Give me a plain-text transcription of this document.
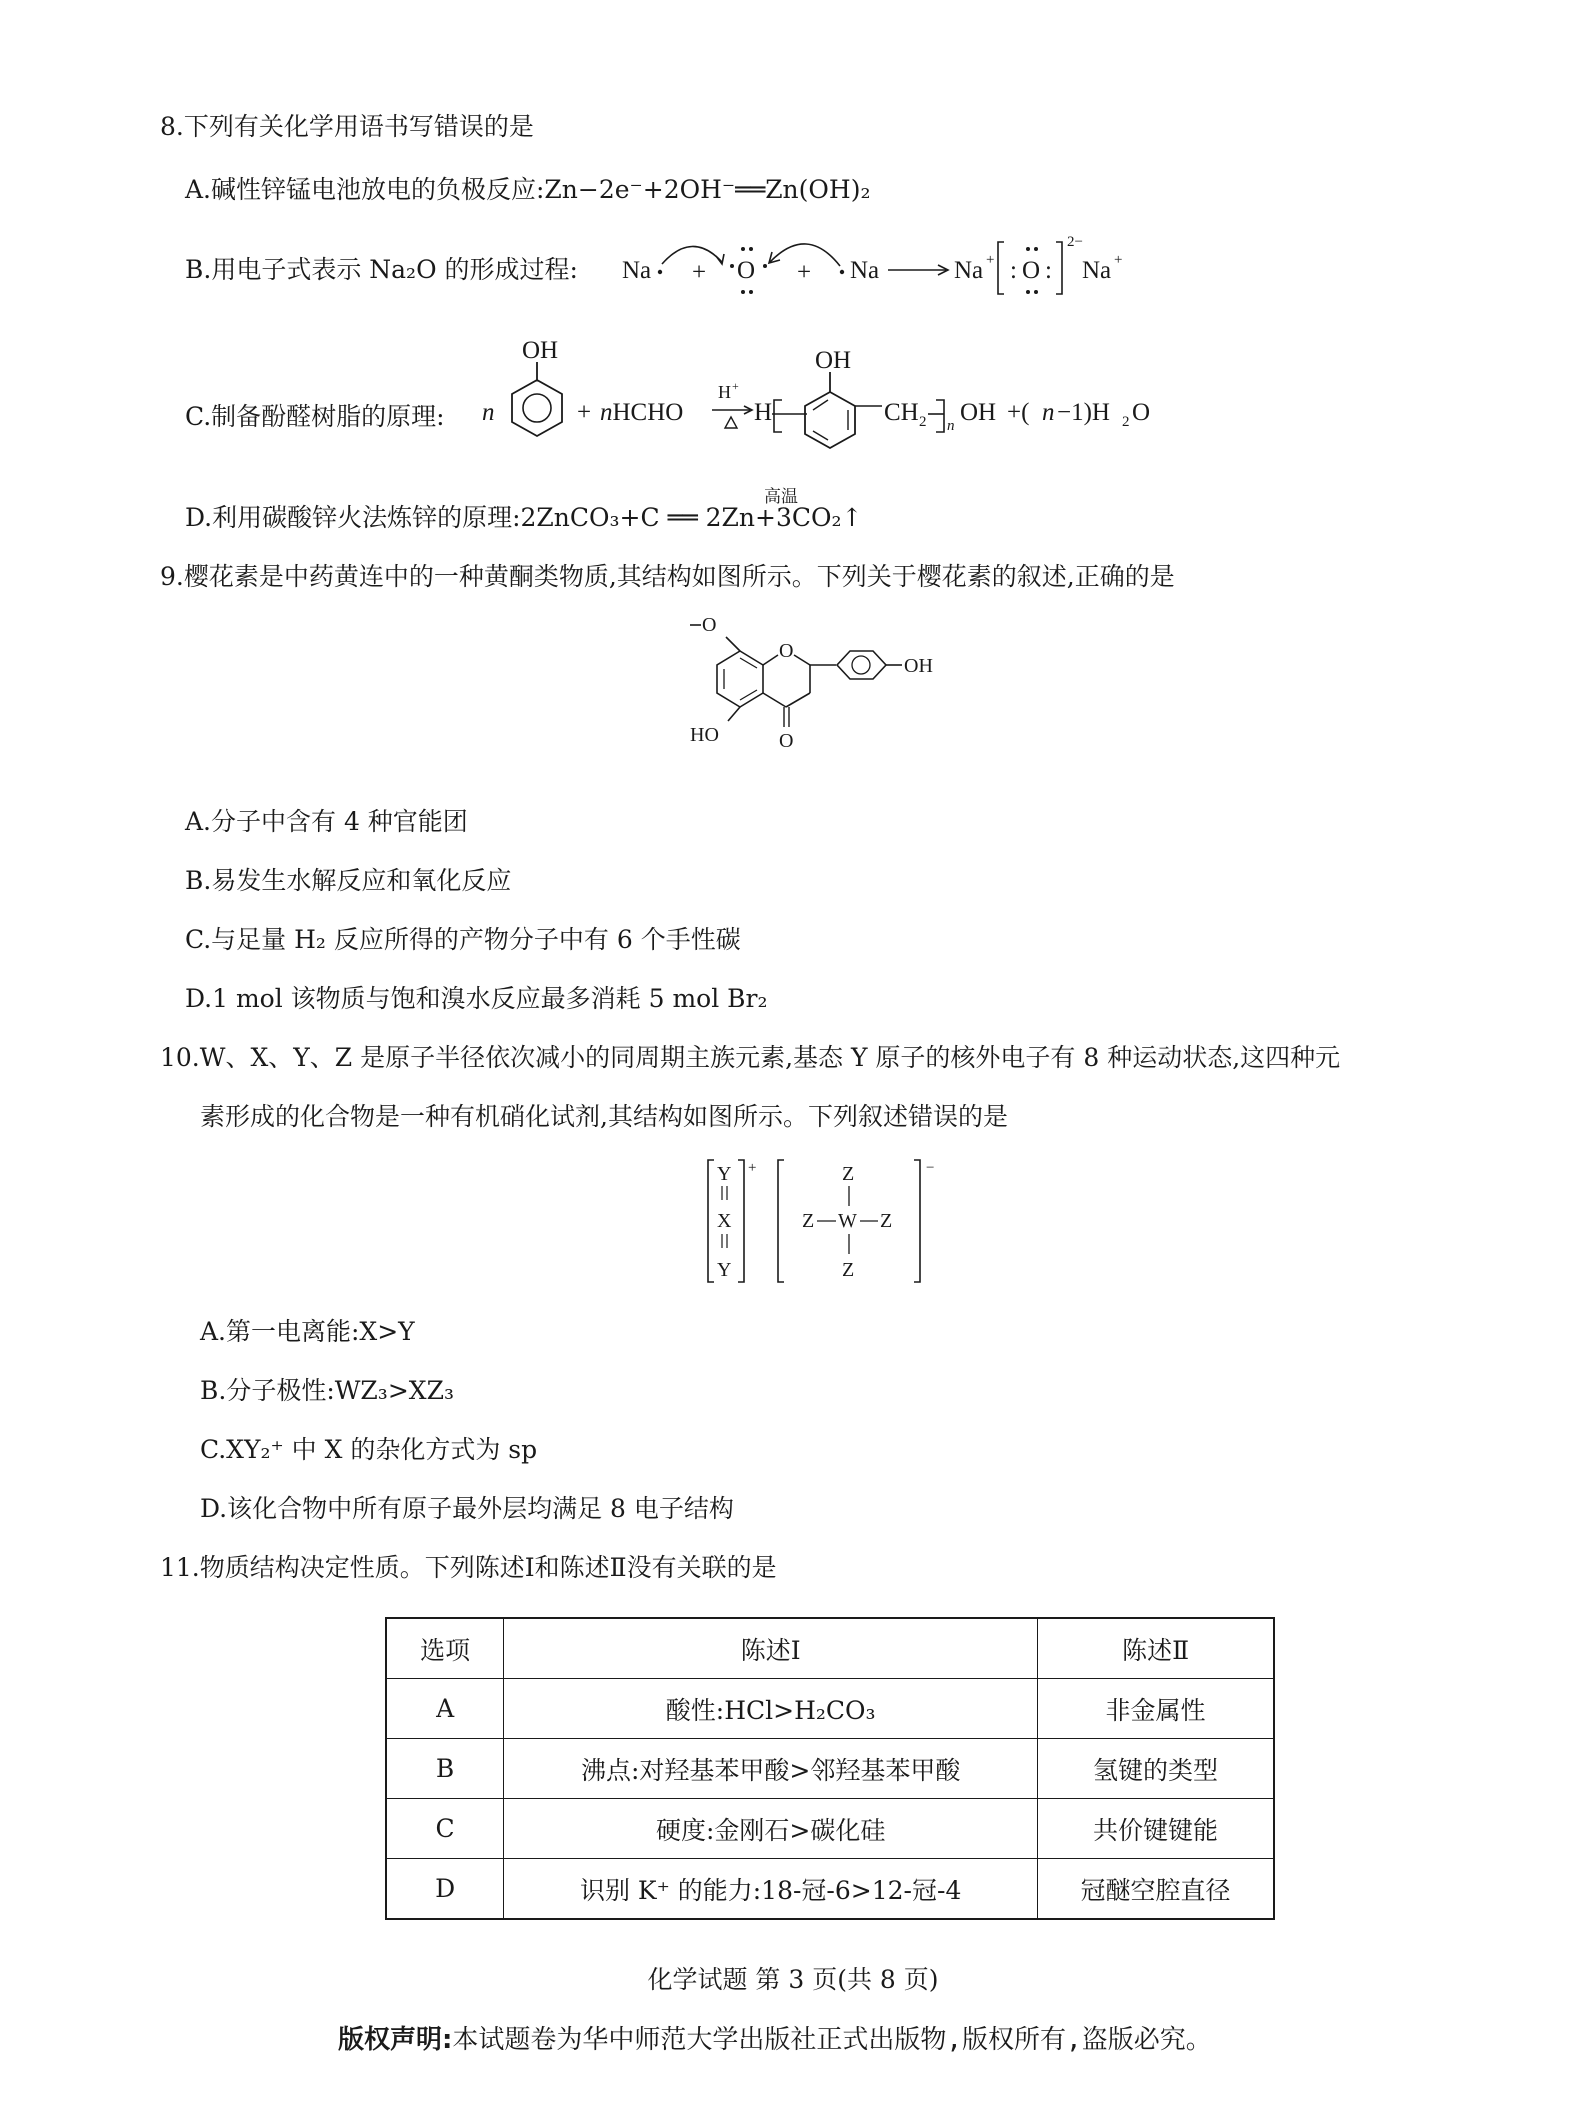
8.下列有关化学用语书写错误的是
A.碱性锌锰电池放电的负极反应:Zn−2e⁻+2OH⁻══Zn(OH)₂
B.用电子式表示 Na₂O 的形成过程: Na + O + Na	Na + : O :
2−
Na +
C.制备酚醛树脂的原理: n
OH
+ nHCHO
H +
H
OH
CH 2 n OH +( n −1)H 2 O
D.利用碳酸锌火法炼锌的原理:2ZnCO₃+C ══ 2Zn+3CO₂↑
高温
9.樱花素是中药黄连中的一种黄酮类物质,其结构如图所示。下列关于樱花素的叙述,正确的是
O
O
O
HO
OH
A.分子中含有 4 种官能团
B.易发生水解反应和氧化反应
C.与足量 H₂ 反应所得的产物分子中有 6 个手性碳
D.1 mol 该物质与饱和溴水反应最多消耗 5 mol Br₂
10.W、X、Y、Z 是原子半径依次减小的同周期主族元素,基态 Y 原子的核外电子有 8 种运动状态,这四种元
素形成的化合物是一种有机硝化试剂,其结构如图所示。下列叙述错误的是
Y
X
Y
+	Z
Z W Z
Z
−
A.第一电离能:X>Y
B.分子极性:WZ₃>XZ₃
C.XY₂⁺ 中 X 的杂化方式为 sp
D.该化合物中所有原子最外层均满足 8 电子结构
11.物质结构决定性质。下列陈述Ⅰ和陈述Ⅱ没有关联的是
选项	陈述Ⅰ	陈述Ⅱ
A	酸性:HCl>H₂CO₃	非金属性
B	沸点:对羟基苯甲酸>邻羟基苯甲酸	氢键的类型
C	硬度:金刚石>碳化硅	共价键键能
D	识别 K⁺ 的能力:18-冠-6>12-冠-4	冠醚空腔直径
化学试题 第 3 页(共 8 页)
版权声明:本试题卷为华中师范大学出版社正式出版物,版权所有,盗版必究。
